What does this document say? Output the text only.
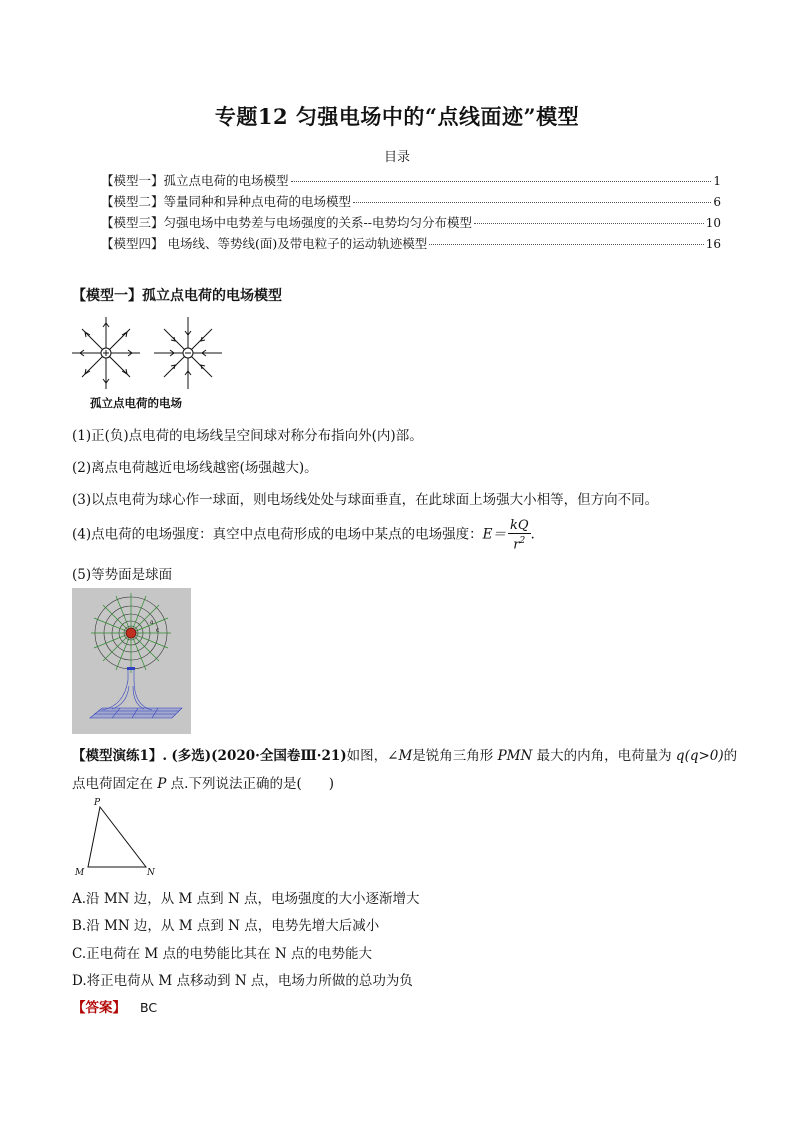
专题12 匀强电场中的“点线面迹”模型
目录
【模型一】孤立点电荷的电场模型	1
【模型二】等量同种和异种点电荷的电场模型	6
【模型三】匀强电场中电势差与电场强度的关系--电势均匀分布模型	10
【模型四】 电场线、等势线(面)及带电粒子的运动轨迹模型	16
【模型一】孤立点电荷的电场模型
孤立点电荷的电场
(1)正(负)点电荷的电场线呈空间球对称分布指向外(内)部。
(2)离点电荷越近电场线越密(场强越大)。
(3)以点电荷为球心作一球面，则电场线处处与球面垂直，在此球面上场强大小相等，但方向不同。
(4)点电荷的电场强度：真空中点电荷形成的电场中某点的电场强度：$E= \frac{kQ}{r^2}$ .
(5)等势面是球面
a
c
【模型演练1】. (多选)(2020·全国卷Ⅲ·21)如图，∠M是锐角三角形 PMN 最大的内角，电荷量为 q(q>0)的
点电荷固定在 P 点.下列说法正确的是(　　)
P
M	N
A.沿 MN 边，从 M 点到 N 点，电场强度的大小逐渐增大
B.沿 MN 边，从 M 点到 N 点，电势先增大后减小
C.正电荷在 M 点的电势能比其在 N 点的电势能大
D.将正电荷从 M 点移动到 N 点，电场力所做的总功为负
【答案】 BC
